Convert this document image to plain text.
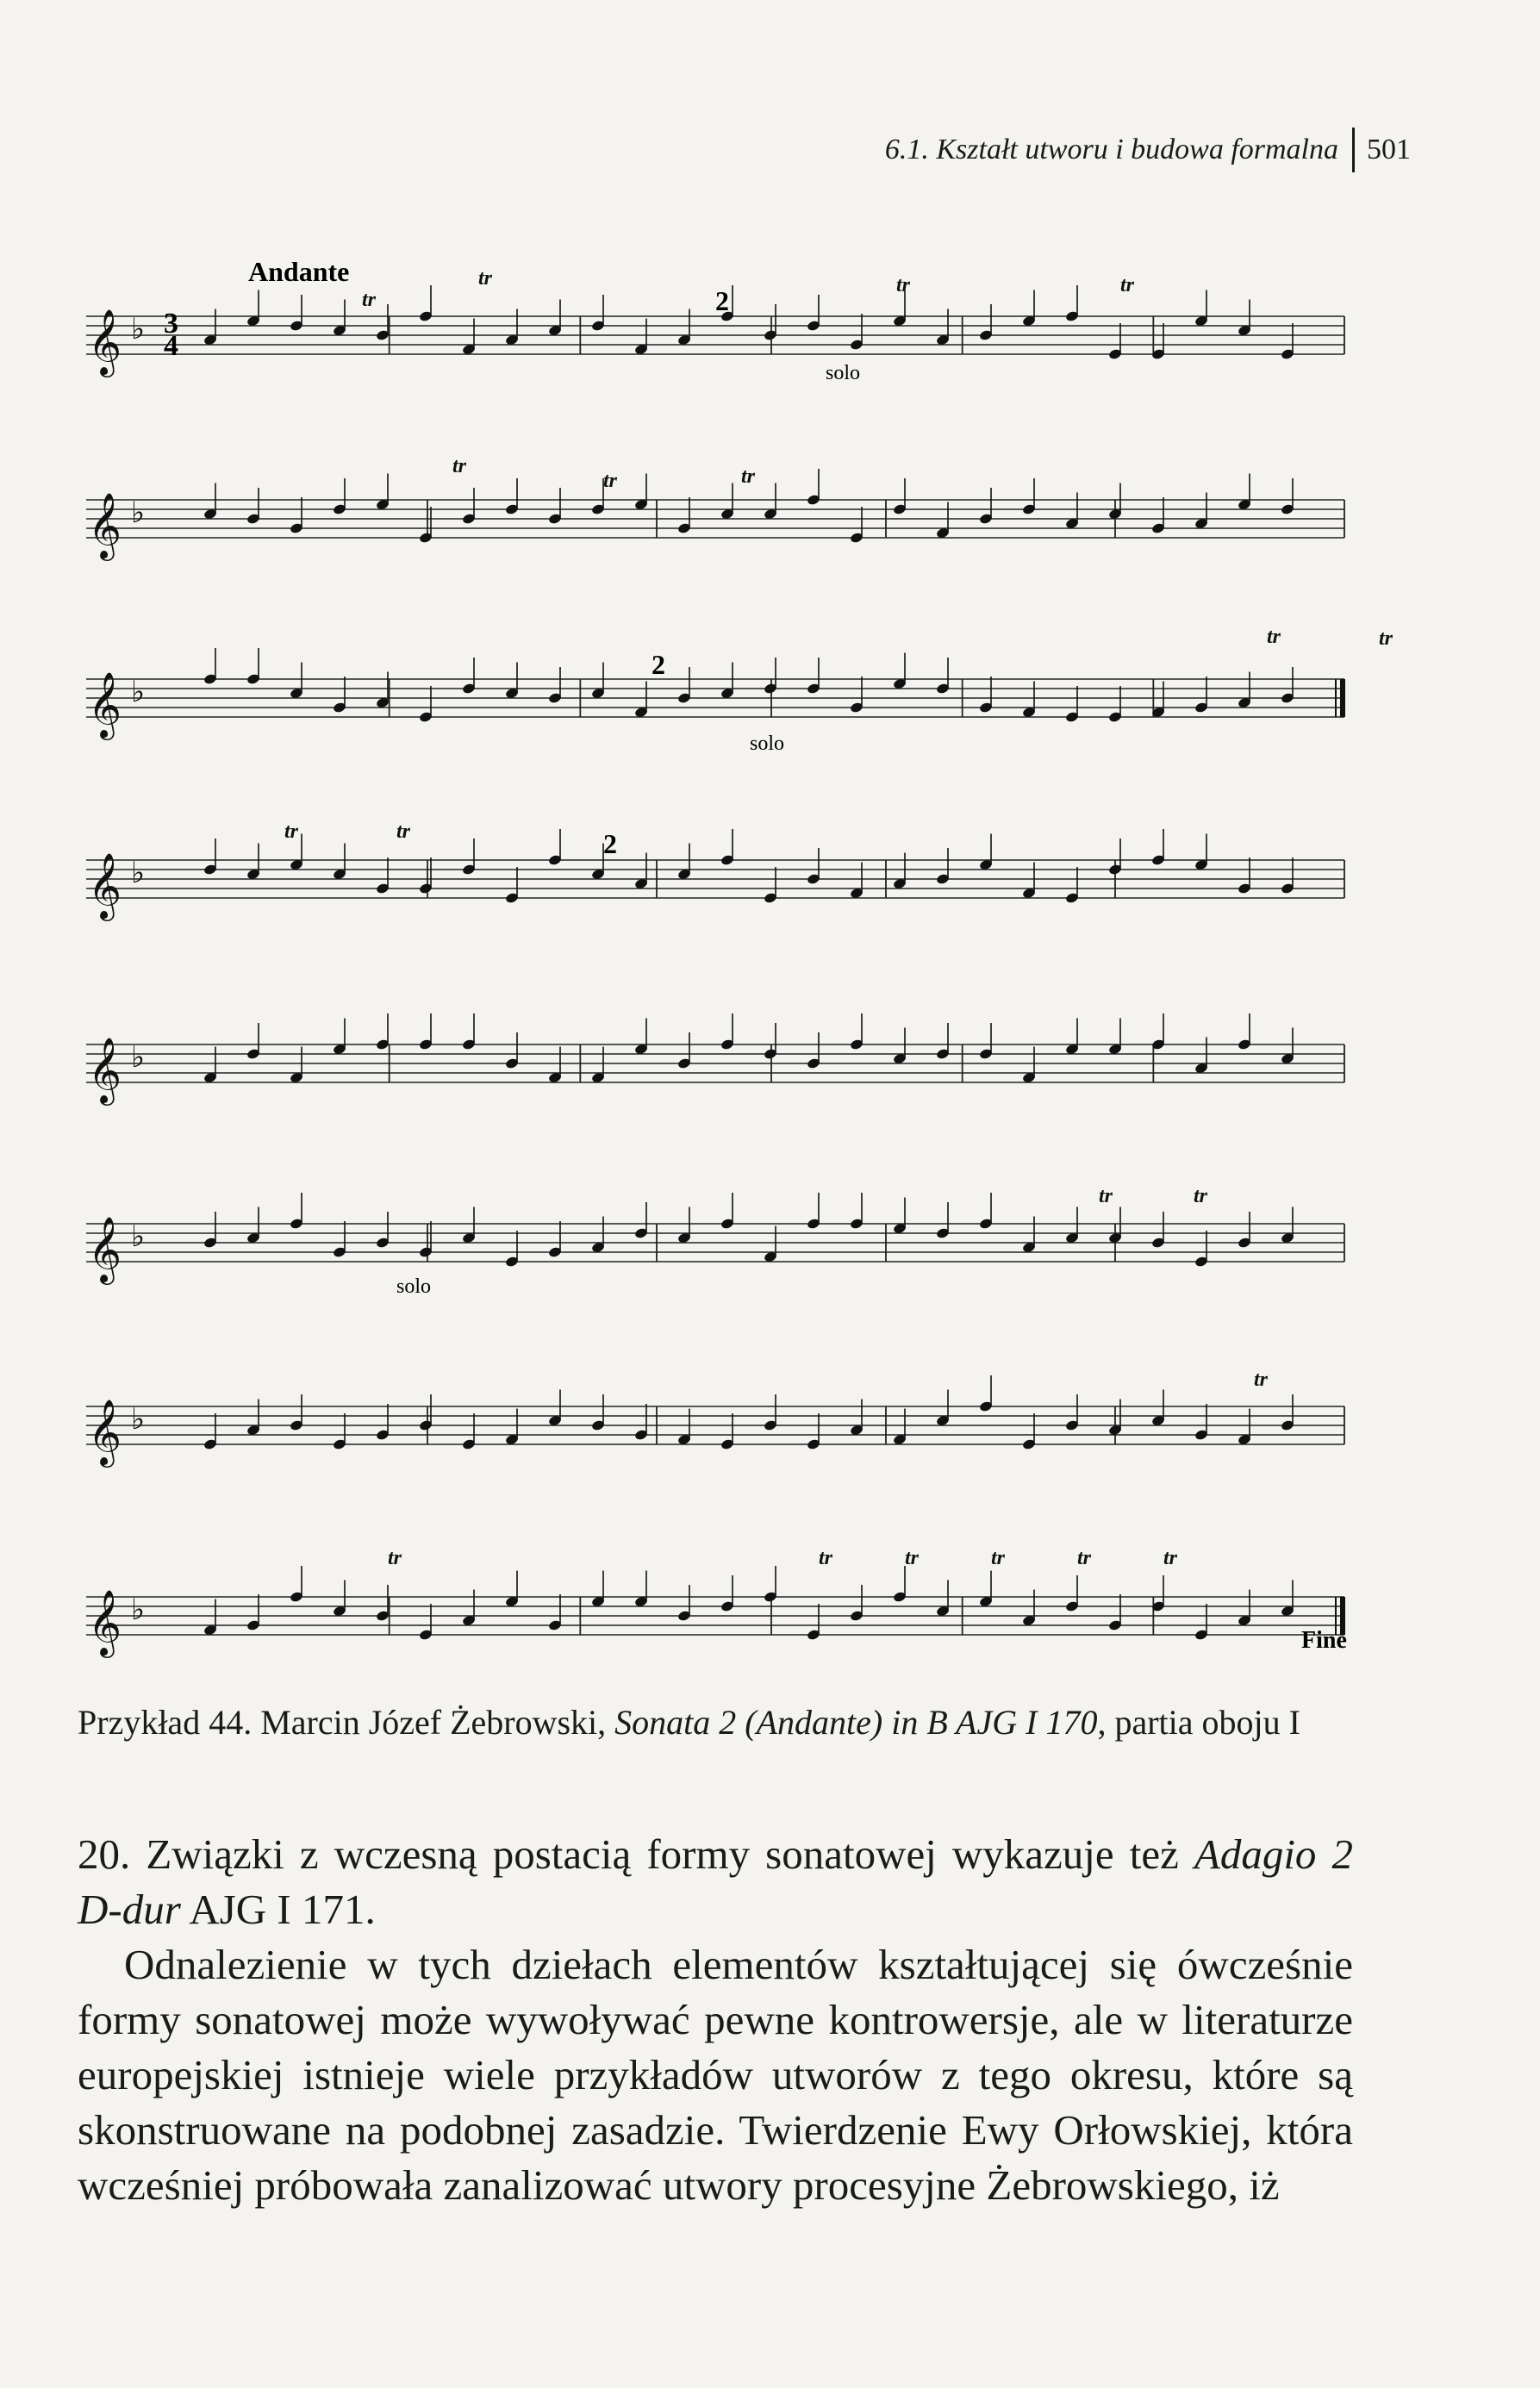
6.1. Kształt utworu i budowa formalna 501
𝄞 ♭
𝄞 ♭
𝄞 ♭
𝄞 ♭
𝄞 ♭
𝄞 ♭
𝄞 ♭
𝄞 ♭
tr
tr	tr	tr
tr
tr	tr
tr	tr
tr	tr
tr	tr
tr
tr	tr	tr	tr	tr	tr
Andante
3
4
2
2
2
solo
solo
solo
Fine
Przykład 44. Marcin Józef Żebrowski, Sonata 2 (Andante) in B AJG I 170, partia oboju I

20. Związki z wczesną postacią formy sonatowej wykazuje też Adagio 2 D-dur AJG I 171.

Odnalezienie w tych dziełach elementów kształtującej się ówcześnie formy sonatowej może wywoływać pewne kontrowersje, ale w literaturze europejskiej istnieje wiele przykładów utworów z tego okresu, które są skonstruowane na podobnej zasadzie. Twierdzenie Ewy Orłowskiej, która wcześniej próbowała zanalizować utwory procesyjne Żebrowskiego, iż
